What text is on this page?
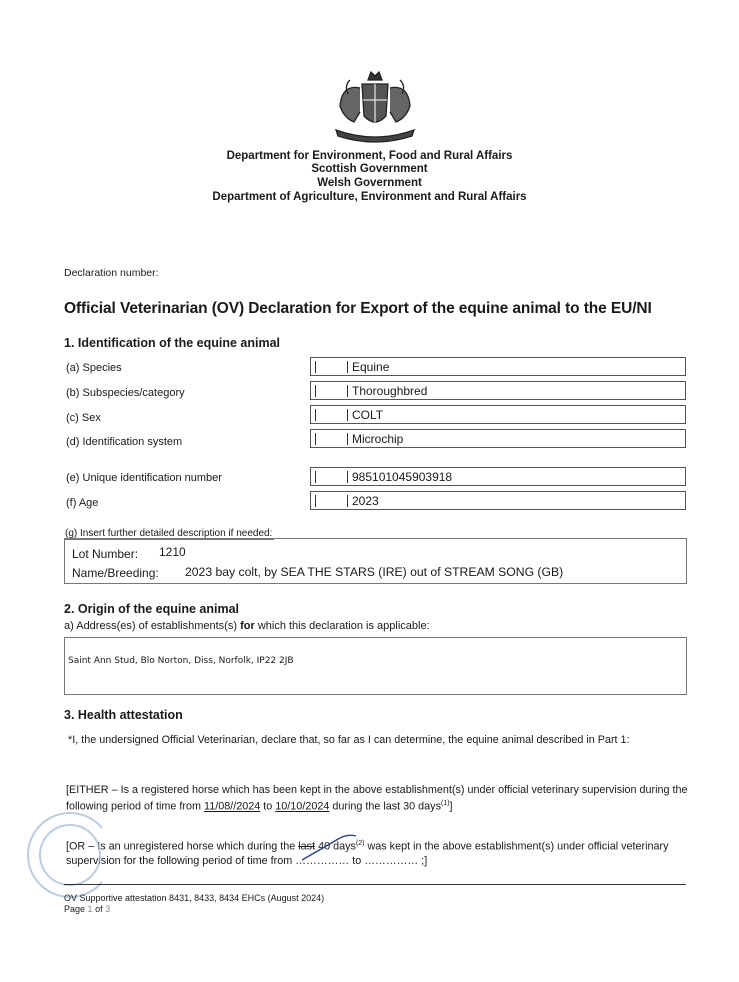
Department for Environment, Food and Rural Affairs
Scottish Government
Welsh Government
Department of Agriculture, Environment and Rural Affairs
Declaration number:
Official Veterinarian (OV) Declaration for Export of the equine animal to the EU/NI
1. Identification of the equine animal
(a) Species	Equine
(b) Subspecies/category	Thoroughbred
(c) Sex	COLT
(d) Identification system	Microchip
(e) Unique identification number	985101045903918
(f) Age	2023
(g) Insert further detailed description if needed:
Lot Number: 1210
Name/Breeding: 2023 bay colt, by SEA THE STARS (IRE) out of STREAM SONG (GB)
2. Origin of the equine animal
a) Address(es) of establishments(s) for which this declaration is applicable:
Saint Ann Stud, Blo Norton, Diss, Norfolk, IP22 2JB
3. Health attestation
*I, the undersigned Official Veterinarian, declare that, so far as I can determine, the equine animal described in Part 1:
[EITHER – Is a registered horse which has been kept in the above establishment(s) under official veterinary supervision during the following period of time from 11/08//2024 to 10/10/2024 during the last 30 days$^{(1)}$]
[OR – Is an unregistered horse which during the last 40 days$^{(2)}$ was kept in the above establishment(s) under official veterinary supervision for the following period of time from …………… to …………… ;]
OV Supportive attestation 8431, 8433, 8434 EHCs (August 2024)
Page 1 of 3
